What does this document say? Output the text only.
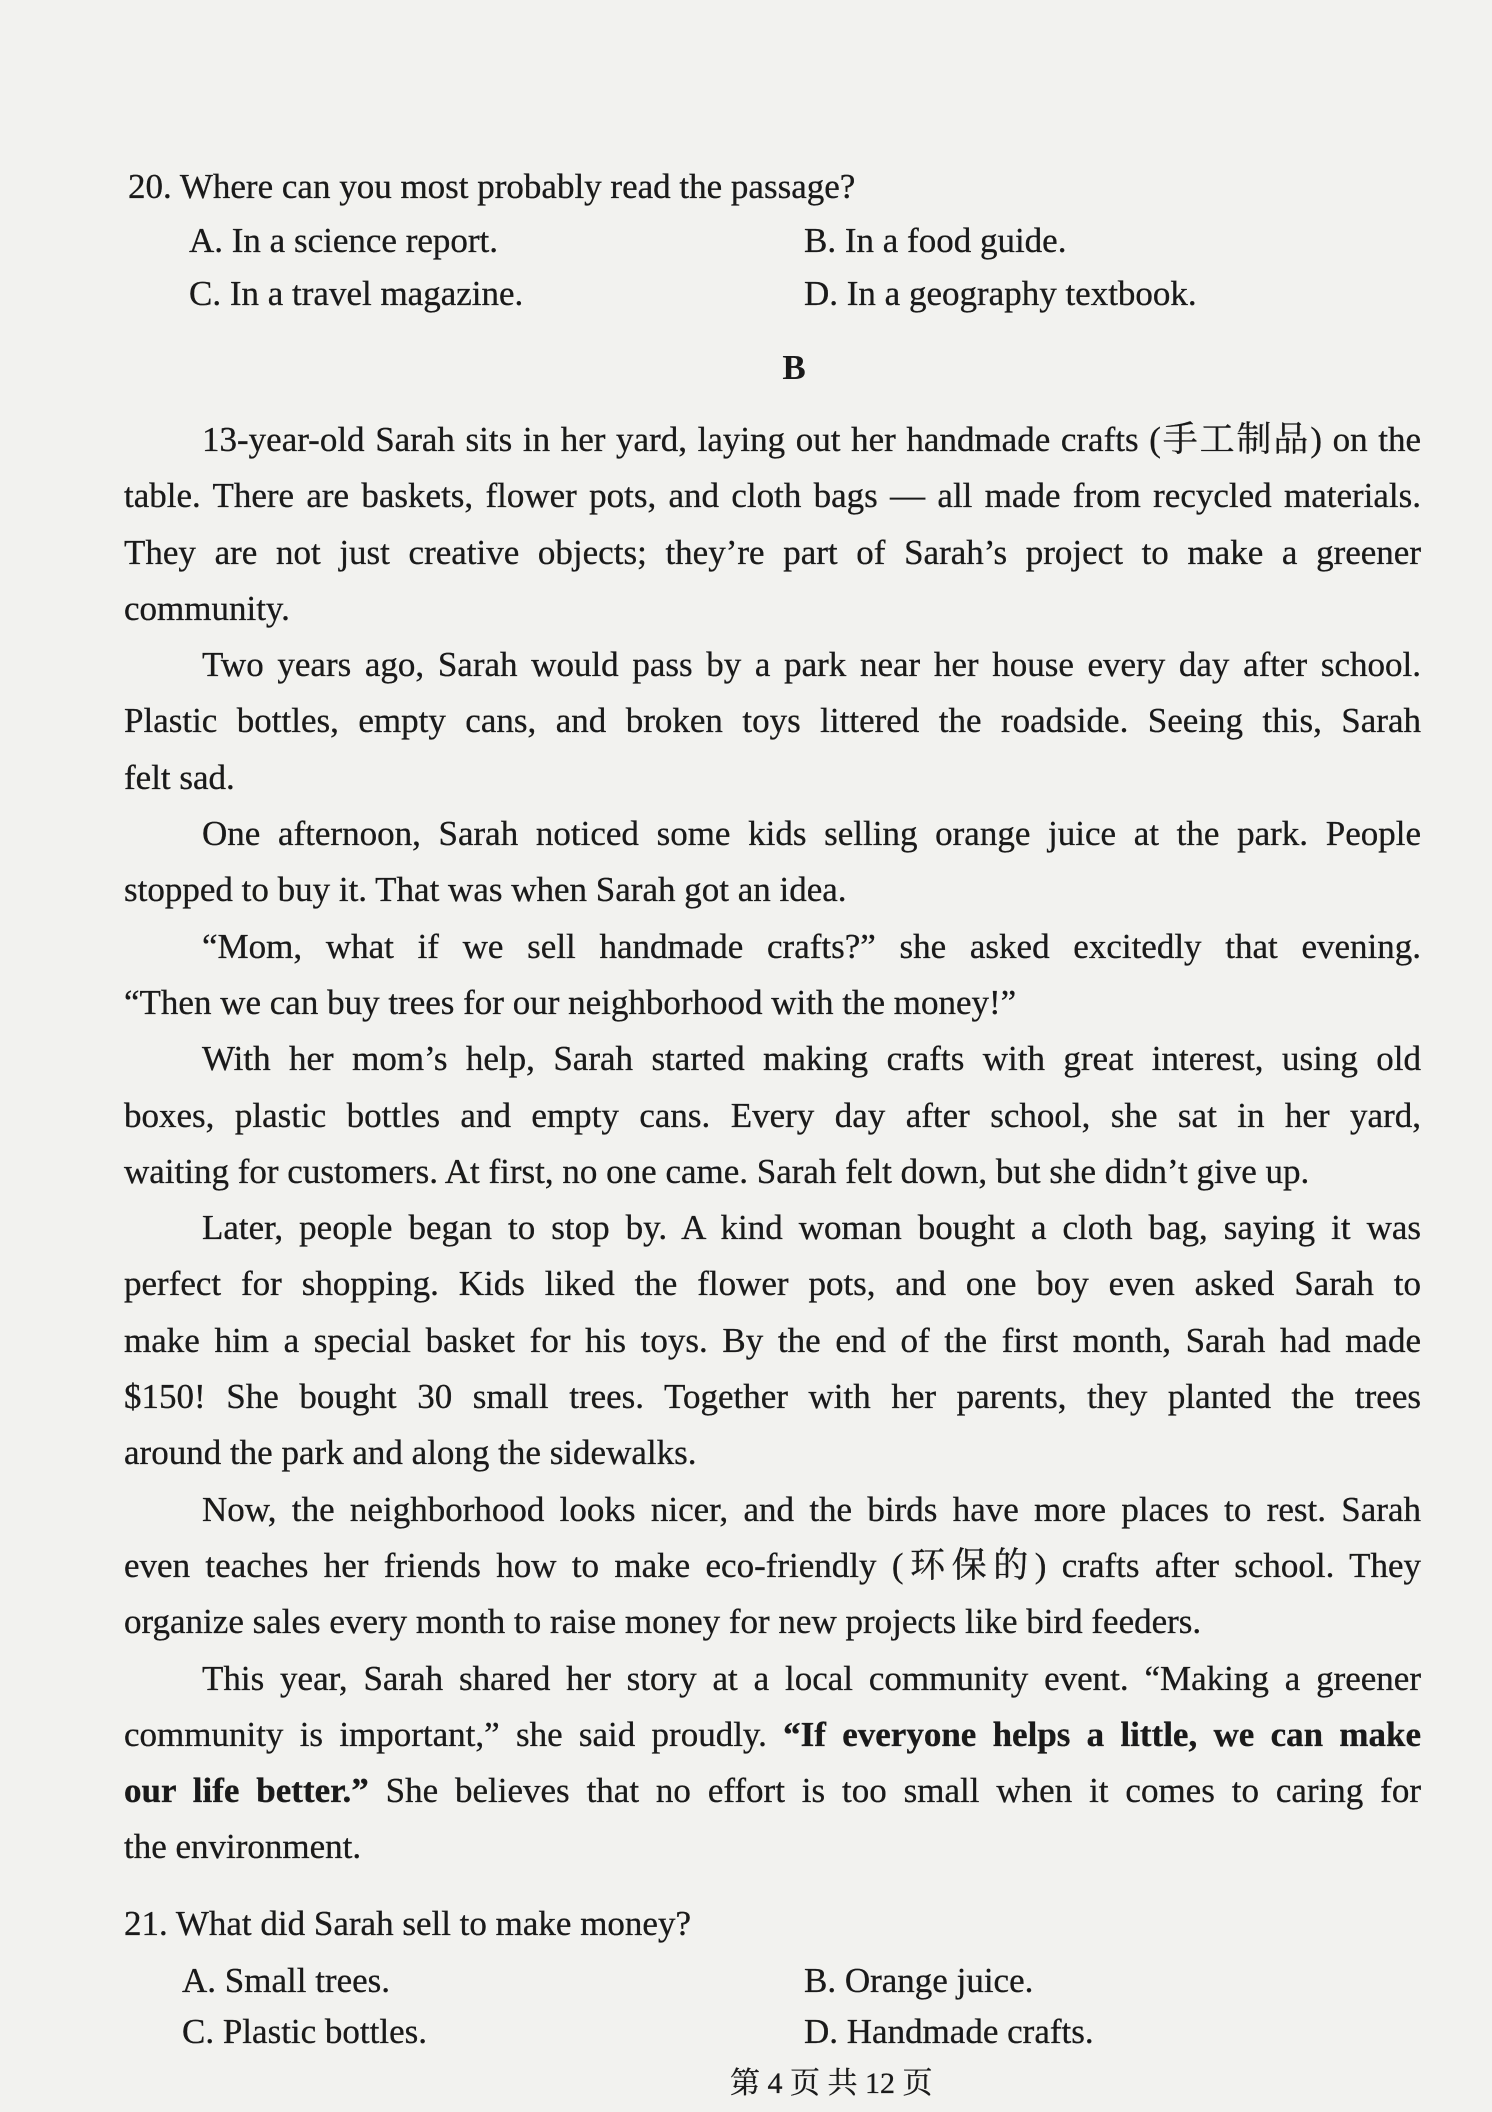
20. Where can you most probably read the passage?
A. In a science report.	B. In a food guide.
C. In a travel magazine.	D. In a geography textbook.
B
13-year-old Sarah sits in her yard, laying out her handmade crafts (手工制品) on the
table. There are baskets, flower pots, and cloth bags — all made from recycled materials.
They are not just creative objects; they’re part of Sarah’s project to make a greener
community.
Two years ago, Sarah would pass by a park near her house every day after school.
Plastic bottles, empty cans, and broken toys littered the roadside. Seeing this, Sarah
felt sad.
One afternoon, Sarah noticed some kids selling orange juice at the park. People
stopped to buy it. That was when Sarah got an idea.
“Mom, what if we sell handmade crafts?” she asked excitedly that evening.
“Then we can buy trees for our neighborhood with the money!”
With her mom’s help, Sarah started making crafts with great interest, using old
boxes, plastic bottles and empty cans. Every day after school, she sat in her yard,
waiting for customers. At first, no one came. Sarah felt down, but she didn’t give up.
Later, people began to stop by. A kind woman bought a cloth bag, saying it was
perfect for shopping. Kids liked the flower pots, and one boy even asked Sarah to
make him a special basket for his toys. By the end of the first month, Sarah had made
$150! She bought 30 small trees. Together with her parents, they planted the trees
around the park and along the sidewalks.
Now, the neighborhood looks nicer, and the birds have more places to rest. Sarah
even teaches her friends how to make eco-friendly (环保的) crafts after school. They
organize sales every month to raise money for new projects like bird feeders.
This year, Sarah shared her story at a local community event. “Making a greener
community is important,” she said proudly. “If everyone helps a little, we can make
our life better.” She believes that no effort is too small when it comes to caring for
the environment.
21. What did Sarah sell to make money?
A. Small trees.	B. Orange juice.
C. Plastic bottles.	D. Handmade crafts.
第 4 页 共 12 页
